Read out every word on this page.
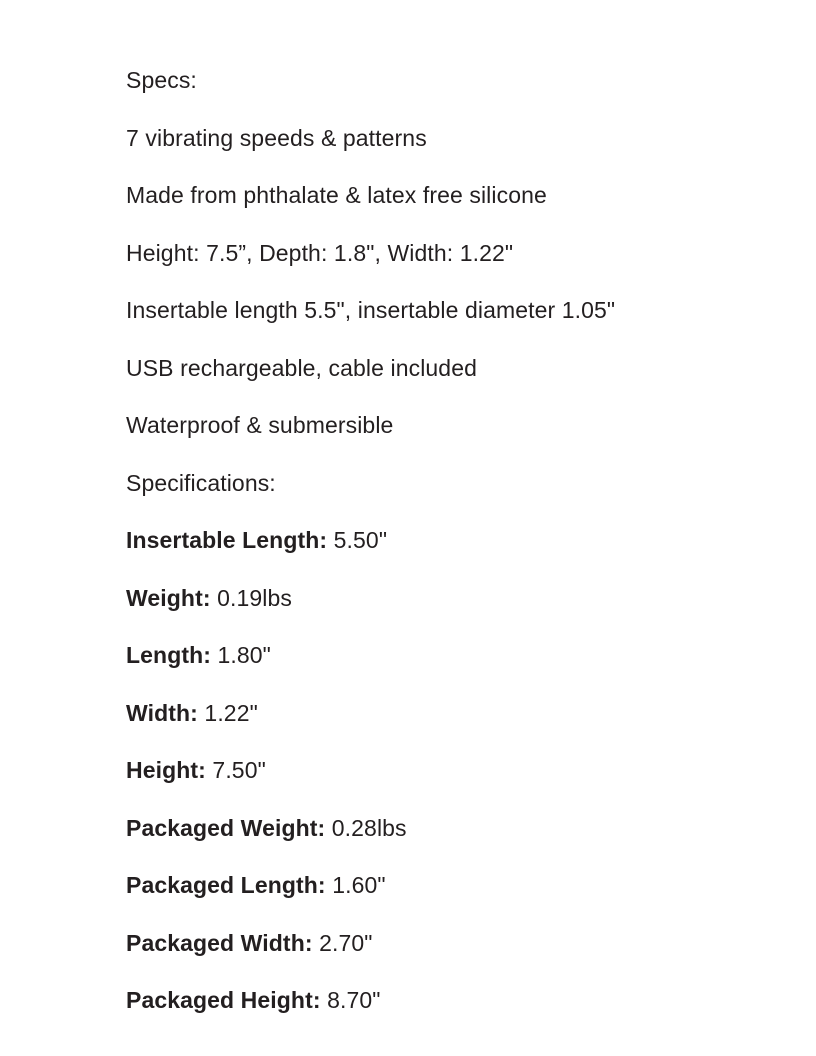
Specs:
7 vibrating speeds & patterns
Made from phthalate & latex free silicone
Height: 7.5”, Depth: 1.8", Width: 1.22"
Insertable length 5.5", insertable diameter 1.05"
USB rechargeable, cable included
Waterproof & submersible
Specifications:
Insertable Length: 5.50"
Weight: 0.19lbs
Length: 1.80"
Width: 1.22"
Height: 7.50"
Packaged Weight: 0.28lbs
Packaged Length: 1.60"
Packaged Width: 2.70"
Packaged Height: 8.70"
